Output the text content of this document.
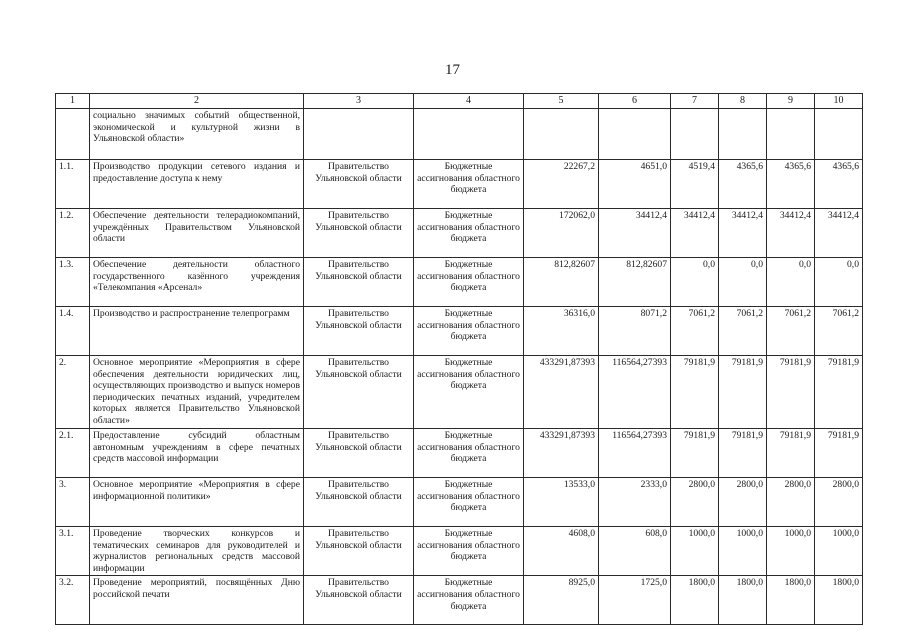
17
1	2	3	4	5	6	7	8	9	10
	социально значимых событий общественной, экономической и культурной жизни в Ульяновской области»								
1.1.	Производство продукции сетевого издания и предоставление доступа к нему	Правительство Ульяновской области	Бюджетные ассигнования областного бюджета	22267,2	4651,0	4519,4	4365,6	4365,6	4365,6
1.2.	Обеспечение деятельности телерадиокомпаний, учреждённых Правительством Ульяновской области	Правительство Ульяновской области	Бюджетные ассигнования областного бюджета	172062,0	34412,4	34412,4	34412,4	34412,4	34412,4
1.3.	Обеспечение деятельности областного государственного казённого учреждения «Телекомпания «Арсенал»	Правительство Ульяновской области	Бюджетные ассигнования областного бюджета	812,82607	812,82607	0,0	0,0	0,0	0,0
1.4.	Производство и распространение телепрограмм	Правительство Ульяновской области	Бюджетные ассигнования областного бюджета	36316,0	8071,2	7061,2	7061,2	7061,2	7061,2
2.	Основное мероприятие «Мероприятия в сфере обеспечения деятельности юридических лиц, осуществляющих производство и выпуск номеров периодических печатных изданий, учредителем которых является Правительство Ульяновской области»	Правительство Ульяновской области	Бюджетные ассигнования областного бюджета	433291,87393	116564,27393	79181,9	79181,9	79181,9	79181,9
2.1.	Предоставление субсидий областным автономным учреждениям в сфере печатных средств массовой информации	Правительство Ульяновской области	Бюджетные ассигнования областного бюджета	433291,87393	116564,27393	79181,9	79181,9	79181,9	79181,9
3.	Основное мероприятие «Мероприятия в сфере информационной политики»	Правительство Ульяновской области	Бюджетные ассигнования областного бюджета	13533,0	2333,0	2800,0	2800,0	2800,0	2800,0
3.1.	Проведение творческих конкурсов и тематических семинаров для руководителей и журналистов региональных средств массовой информации	Правительство Ульяновской области	Бюджетные ассигнования областного бюджета	4608,0	608,0	1000,0	1000,0	1000,0	1000,0
3.2.	Проведение мероприятий, посвящённых Дню российской печати	Правительство Ульяновской области	Бюджетные ассигнования областного бюджета	8925,0	1725,0	1800,0	1800,0	1800,0	1800,0
